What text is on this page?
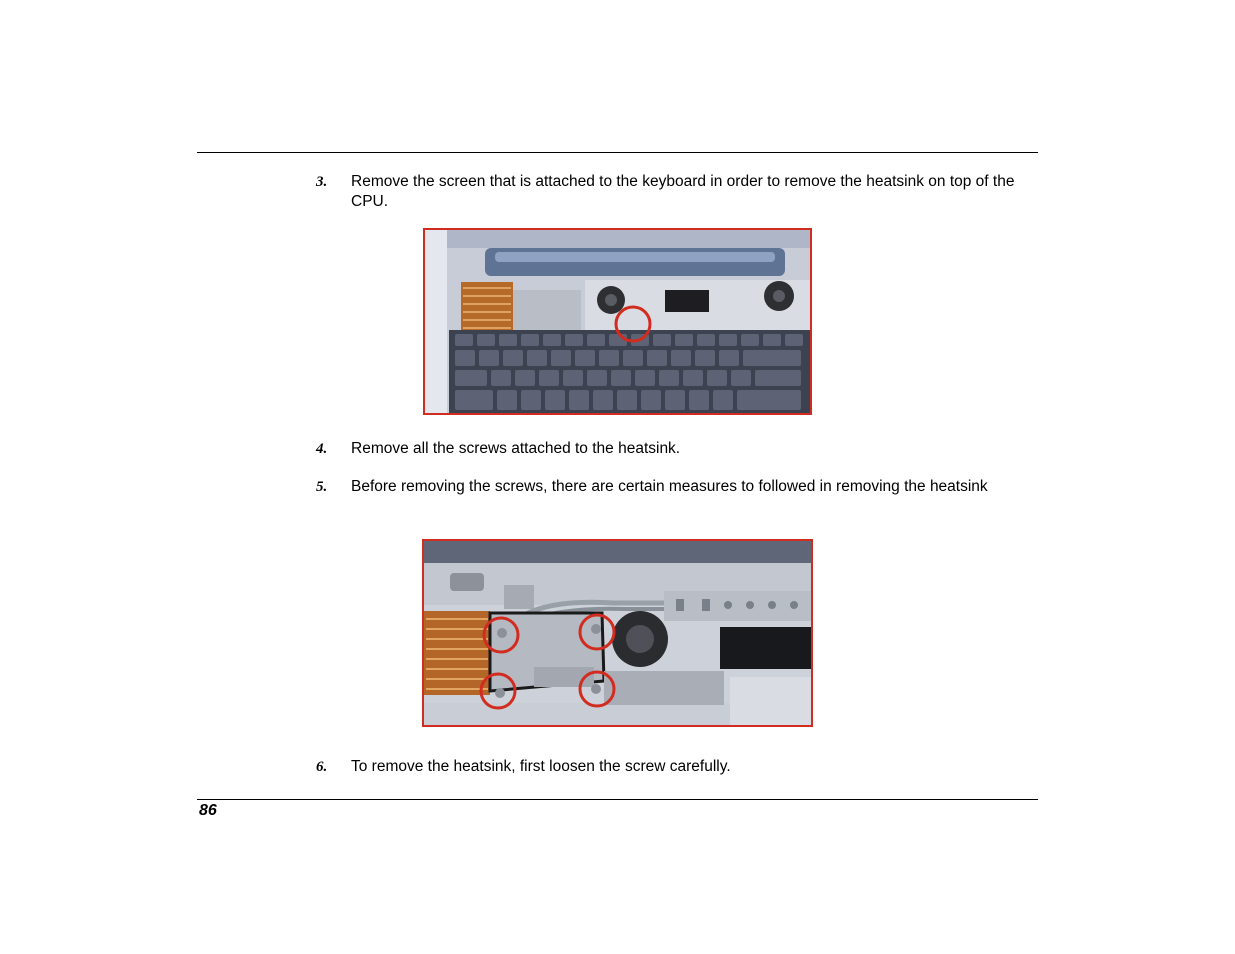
3. Remove the screen that is attached to the keyboard in order to remove the heatsink on top of the CPU.
4. Remove all the screws attached to the heatsink.
5. Before removing the screws, there are certain measures to followed in removing the heatsink
6. To remove the heatsink, first loosen the screw carefully.
86
